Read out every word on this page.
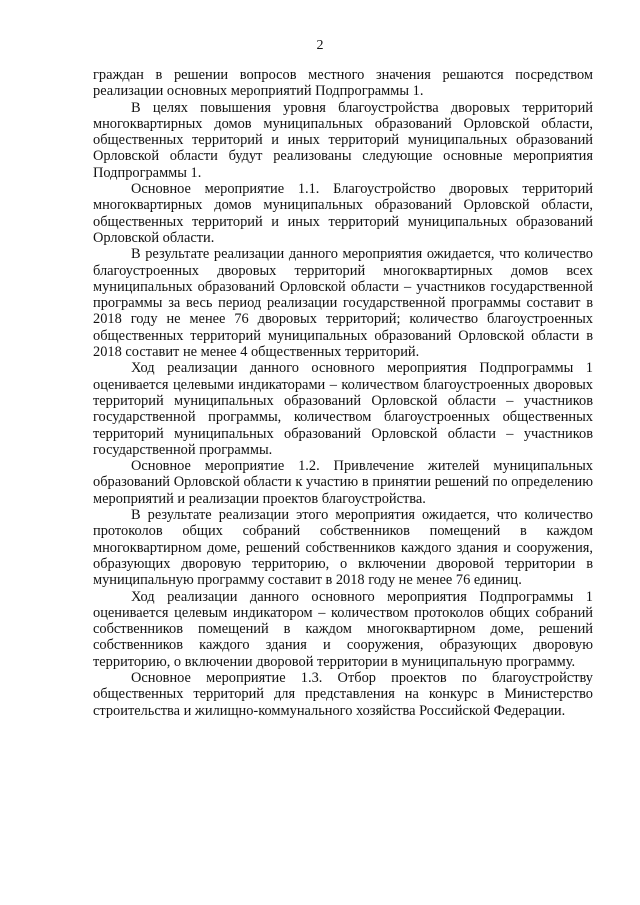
2

граждан в решении вопросов местного значения решаются посредством реализации основных мероприятий Подпрограммы 1.

В целях повышения уровня благоустройства дворовых территорий многоквартирных домов муниципальных образований Орловской области, общественных территорий и иных территорий муниципальных образований Орловской области будут реализованы следующие основные мероприятия Подпрограммы 1.

Основное мероприятие 1.1. Благоустройство дворовых территорий многоквартирных домов муниципальных образований Орловской области, общественных территорий и иных территорий муниципальных образований Орловской области.

В результате реализации данного мероприятия ожидается, что количество благоустроенных дворовых территорий многоквартирных домов всех муниципальных образований Орловской области – участников государственной программы за весь период реализации государственной программы составит в 2018 году не менее 76 дворовых территорий; количество благоустроенных общественных территорий муниципальных образований Орловской области в 2018 составит не менее 4 общественных территорий.

Ход реализации данного основного мероприятия Подпрограммы 1 оценивается целевыми индикаторами – количеством благоустроенных дворовых территорий муниципальных образований Орловской области – участников государственной программы, количеством благоустроенных общественных территорий муниципальных образований Орловской области – участников государственной программы.

Основное мероприятие 1.2. Привлечение жителей муниципальных образований Орловской области к участию в принятии решений по определению мероприятий и реализации проектов благоустройства.

В результате реализации этого мероприятия ожидается, что количество протоколов общих собраний собственников помещений в каждом многоквартирном доме, решений собственников каждого здания и сооружения, образующих дворовую территорию, о включении дворовой территории в муниципальную программу составит в 2018 году не менее 76 единиц.

Ход реализации данного основного мероприятия Подпрограммы 1 оценивается целевым индикатором – количеством протоколов общих собраний собственников помещений в каждом многоквартирном доме, решений собственников каждого здания и сооружения, образующих дворовую территорию, о включении дворовой территории в муниципальную программу.

Основное мероприятие 1.3. Отбор проектов по благоустройству общественных территорий для представления на конкурс в Министерство строительства и жилищно-коммунального хозяйства Российской Федерации.
